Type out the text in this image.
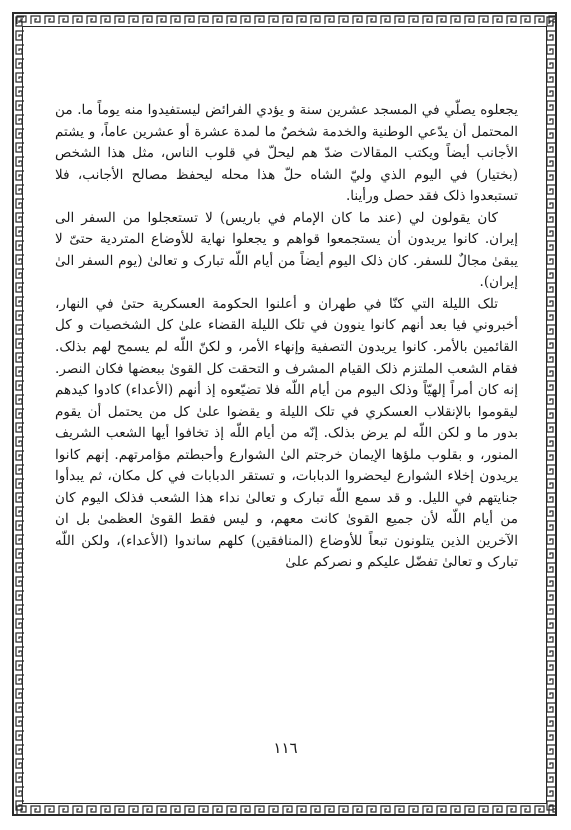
يجعلوه يصلّي في المسجد عشرين سنة و يؤدي الفرائض ليستفيدوا منه يوماً ما. من المحتمل أن يدّعي الوطنية والخدمة شخصٌ ما لمدة عشرة أو عشرين عاماً، و يشتم الأجانب أيضاً ويكتب المقالات ضدّ هم ليحلّ في قلوب الناس، مثل هذا الشخص (بختيار) في اليوم الذي وليّ الشاه حلّ هذا محله ليحفظ مصالح الأجانب، فلا تستبعدوا ذلک فقد حصل ورأينا.

كان يقولون لي (عند ما كان الإمام في باريس) لا تستعجلوا من السفر الى إيران. كانوا يريدون أن يستجمعوا قواهم و يجعلوا نهاية للأوضاع المتردية حتىّ لا يبقىٰ مجالٌ للسفر. كان ذلک اليوم أيضاً من أيام اللّه تبارک و تعالىٰ (يوم السفر الىٰ إيران).

تلک الليلة التي كنّا في طهران و أعلنوا الحكومة العسكرية حتىٰ في النهار، أخبروني فيا بعد أنهم كانوا ينوون في تلک الليلة القضاء علىٰ كل الشخصيات و كل القائمين بالأمر. كانوا يريدون التصفية وإنهاء الأمر، و لكنّ اللّه لم يسمح لهم بذلک. فقام الشعب الملتزم ذلک القيام المشرف و التحقت كل القوىٰ ببعضها فكان النصر. إنه كان أمراً إلهيّاً وذلک اليوم من أيام اللّه فلا تضيّعوه إذ أنهم (الأعداء) كادوا كيدهم ليقوموا بالإنقلاب العسكري في تلک الليلة و يقضوا علىٰ كل من يحتمل أن يقوم بدور ما و لكن اللّه لم يرض بذلک. إنّه من أيام اللّه إذ تخافوا أيها الشعب الشريف المنور، و بقلوب ملؤها الإيمان خرجتم الىٰ الشوارع وأحبطتم مؤامرتهم. إنهم كانوا يريدون إخلاء الشوارع ليحضروا الدبابات، و تستقر الدبابات في كل مكان، ثم يبدأوا جنايتهم في الليل. و قد سمع اللّه تبارک و تعالىٰ نداء هذا الشعب فذلک اليوم كان من أيام اللّه لأن جميع القوىٰ كانت معهم، و ليس فقط القوىٰ العظمىٰ بل ان الآخرين الذين يتلونون تبعاً للأوضاع (المنافقين) كلهم ساندوا (الأعداء)، ولكن اللّه تبارک و تعالىٰ تفضّل عليكم و نصركم علىٰ

١١٦
